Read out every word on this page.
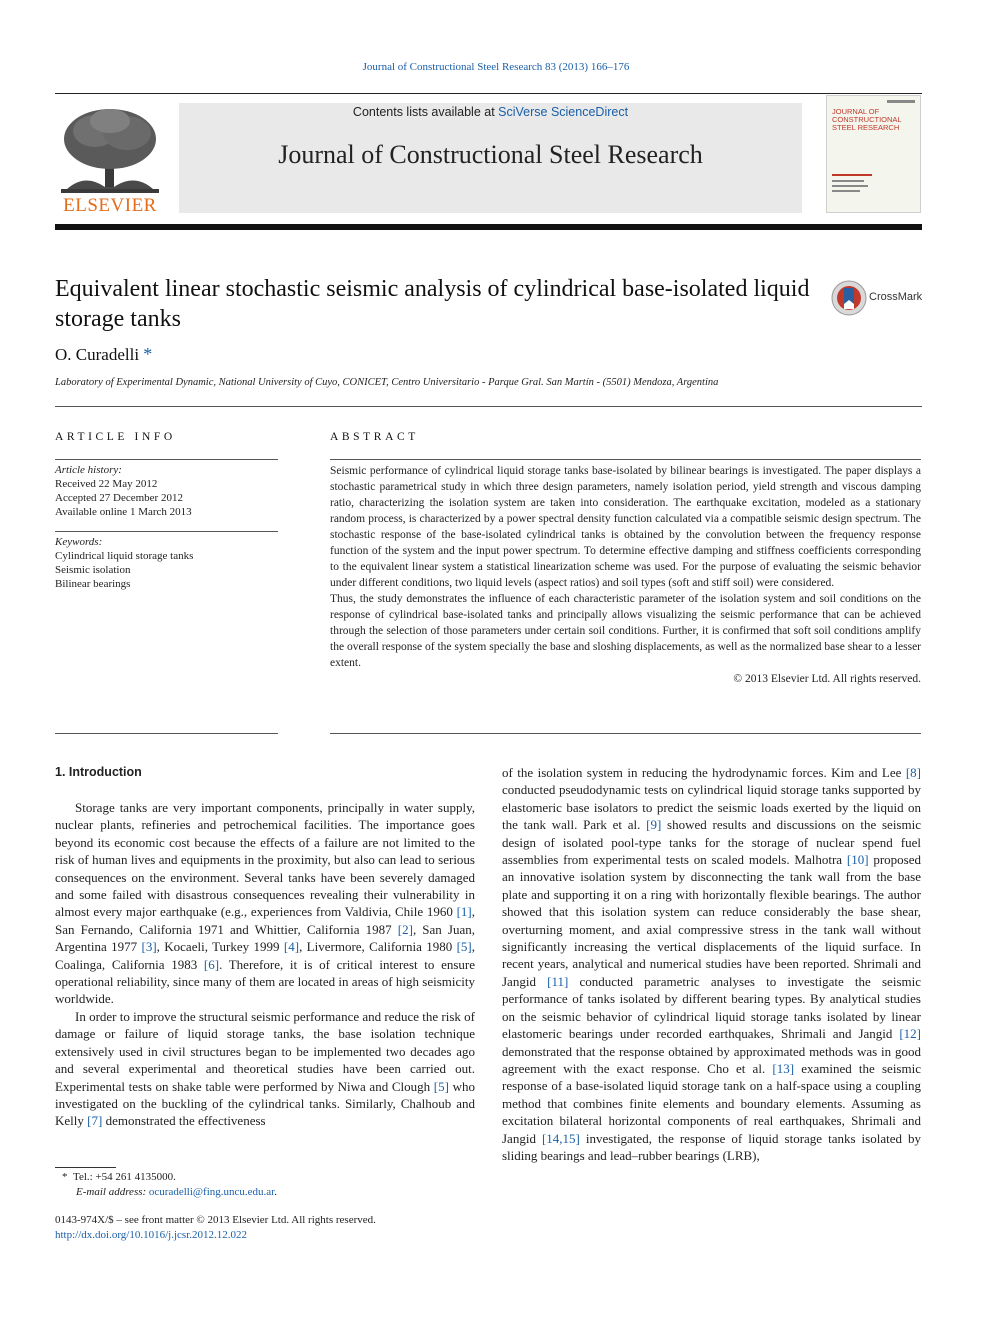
Journal of Constructional Steel Research 83 (2013) 166–176
ELSEVIER
Contents lists available at SciVerse ScienceDirect
Journal of Constructional Steel Research
JOURNAL OF CONSTRUCTIONAL STEEL RESEARCH
Equivalent linear stochastic seismic analysis of cylindrical base-isolated liquid storage tanks
CrossMark
O. Curadelli *
Laboratory of Experimental Dynamic, National University of Cuyo, CONICET, Centro Universitario - Parque Gral. San Martín - (5501) Mendoza, Argentina
ARTICLE INFO
Article history:
Received 22 May 2012
Accepted 27 December 2012
Available online 1 March 2013
Keywords:
Cylindrical liquid storage tanks
Seismic isolation
Bilinear bearings
ABSTRACT

Seismic performance of cylindrical liquid storage tanks base-isolated by bilinear bearings is investigated. The paper displays a stochastic parametrical study in which three design parameters, namely isolation period, yield strength and viscous damping ratio, characterizing the isolation system are taken into consideration. The earthquake excitation, modeled as a stationary random process, is characterized by a power spectral density function calculated via a compatible seismic design spectrum. The stochastic response of the base-isolated cylindrical tanks is obtained by the convolution between the frequency response function of the system and the input power spectrum. To determine effective damping and stiffness coefficients corresponding to the equivalent linear system a statistical linearization scheme was used. For the purpose of evaluating the seismic behavior under different conditions, two liquid levels (aspect ratios) and soil types (soft and stiff soil) were considered.

Thus, the study demonstrates the influence of each characteristic parameter of the isolation system and soil conditions on the response of cylindrical base-isolated tanks and principally allows visualizing the seismic performance that can be achieved through the selection of those parameters under certain soil conditions. Further, it is confirmed that soft soil conditions amplify the overall response of the system specially the base and sloshing displacements, as well as the normalized base shear to a lesser extent.

© 2013 Elsevier Ltd. All rights reserved.

1. Introduction

Storage tanks are very important components, principally in water supply, nuclear plants, refineries and petrochemical facilities. The importance goes beyond its economic cost because the effects of a failure are not limited to the risk of human lives and equipments in the proximity, but also can lead to serious consequences on the environment. Several tanks have been severely damaged and some failed with disastrous consequences revealing their vulnerability in almost every major earthquake (e.g., experiences from Valdivia, Chile 1960 [1], San Fernando, California 1971 and Whittier, California 1987 [2], San Juan, Argentina 1977 [3], Kocaeli, Turkey 1999 [4], Livermore, California 1980 [5], Coalinga, California 1983 [6]. Therefore, it is of critical interest to ensure operational reliability, since many of them are located in areas of high seismicity worldwide.

In order to improve the structural seismic performance and reduce the risk of damage or failure of liquid storage tanks, the base isolation technique extensively used in civil structures began to be implemented two decades ago and several experimental and theoretical studies have been carried out. Experimental tests on shake table were performed by Niwa and Clough [5] who investigated on the buckling of the cylindrical tanks. Similarly, Chalhoub and Kelly [7] demonstrated the effectiveness

of the isolation system in reducing the hydrodynamic forces. Kim and Lee [8] conducted pseudodynamic tests on cylindrical liquid storage tanks supported by elastomeric base isolators to predict the seismic loads exerted by the liquid on the tank wall. Park et al. [9] showed results and discussions on the seismic design of isolated pool-type tanks for the storage of nuclear spend fuel assemblies from experimental tests on scaled models. Malhotra [10] proposed an innovative isolation system by disconnecting the tank wall from the base plate and supporting it on a ring with horizontally flexible bearings. The author showed that this isolation system can reduce considerably the base shear, overturning moment, and axial compressive stress in the tank wall without significantly increasing the vertical displacements of the liquid surface. In recent years, analytical and numerical studies have been reported. Shrimali and Jangid [11] conducted parametric analyses to investigate the seismic performance of tanks isolated by different bearing types. By analytical studies on the seismic behavior of cylindrical liquid storage tanks isolated by linear elastomeric bearings under recorded earthquakes, Shrimali and Jangid [12] demonstrated that the response obtained by approximated methods was in good agreement with the exact response. Cho et al. [13] examined the seismic response of a base-isolated liquid storage tank on a half-space using a coupling method that combines finite elements and boundary elements. Assuming as excitation bilateral horizontal components of real earthquakes, Shrimali and Jangid [14,15] investigated, the response of liquid storage tanks isolated by sliding bearings and lead–rubber bearings (LRB),

* Tel.: +54 261 4135000.
E-mail address: ocuradelli@fing.uncu.edu.ar.
0143-974X/$ – see front matter © 2013 Elsevier Ltd. All rights reserved.
http://dx.doi.org/10.1016/j.jcsr.2012.12.022
